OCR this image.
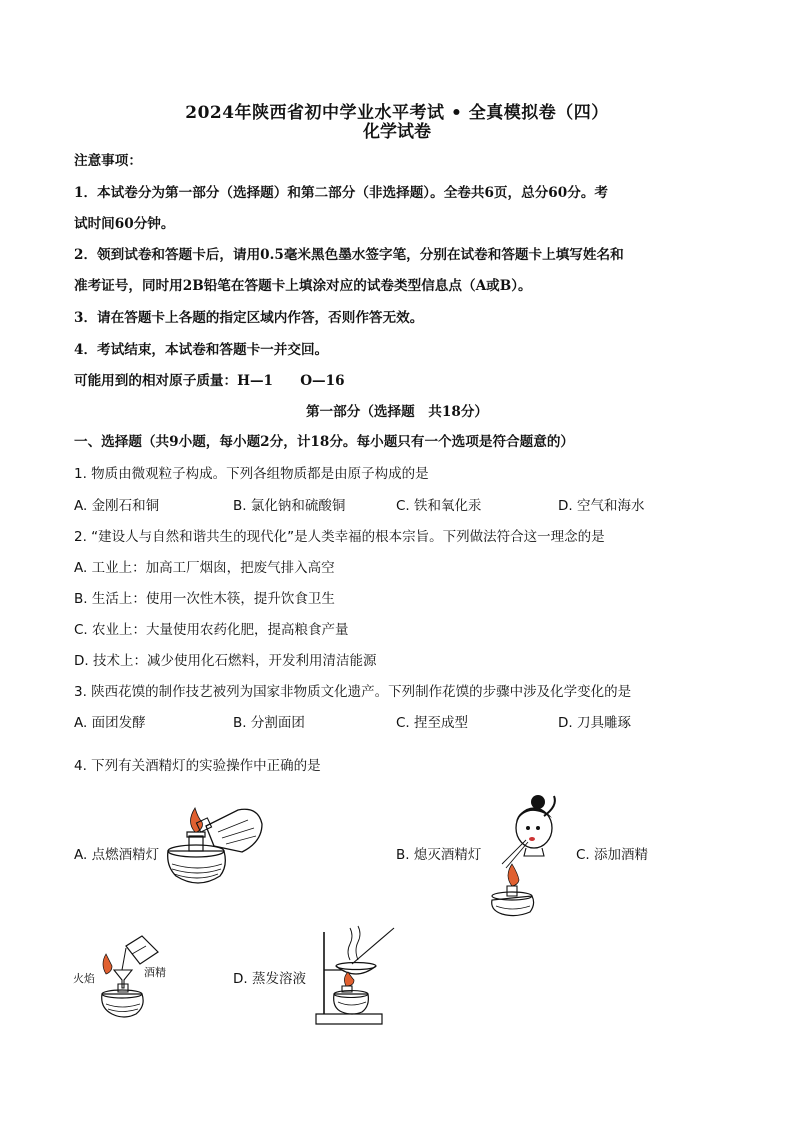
2024年陕西省初中学业水平考试 • 全真模拟卷（四）
化学试卷
注意事项：
1．本试卷分为第一部分（选择题）和第二部分（非选择题）。全卷共6页，总分60分。考
试时间60分钟。
2．领到试卷和答题卡后，请用0.5毫米黑色墨水签字笔，分别在试卷和答题卡上填写姓名和
准考证号，同时用2B铅笔在答题卡上填涂对应的试卷类型信息点（A或B）。
3．请在答题卡上各题的指定区域内作答，否则作答无效。
4．考试结束，本试卷和答题卡一并交回。
可能用到的相对原子质量：H—1　　O—16
第一部分（选择题　共18分）
一、选择题（共9小题，每小题2分，计18分。每小题只有一个选项是符合题意的）
1. 物质由微观粒子构成。下列各组物质都是由原子构成的是
A. 金刚石和铜	B. 氯化钠和硫酸铜	C. 铁和氧化汞	D. 空气和海水
2. “建设人与自然和谐共生的现代化”是人类幸福的根本宗旨。下列做法符合这一理念的是
A. 工业上：加高工厂烟囱，把废气排入高空
B. 生活上：使用一次性木筷，提升饮食卫生
C. 农业上：大量使用农药化肥，提高粮食产量
D. 技术上：减少使用化石燃料，开发利用清洁能源
3. 陕西花馍的制作技艺被列为国家非物质文化遗产。下列制作花馍的步骤中涉及化学变化的是
A. 面团发酵	B. 分割面团	C. 捏至成型	D. 刀具雕琢
4. 下列有关酒精灯的实验操作中正确的是
A. 点燃酒精灯	B. 熄灭酒精灯	C. 添加酒精
D. 蒸发溶液
火焰	酒精
